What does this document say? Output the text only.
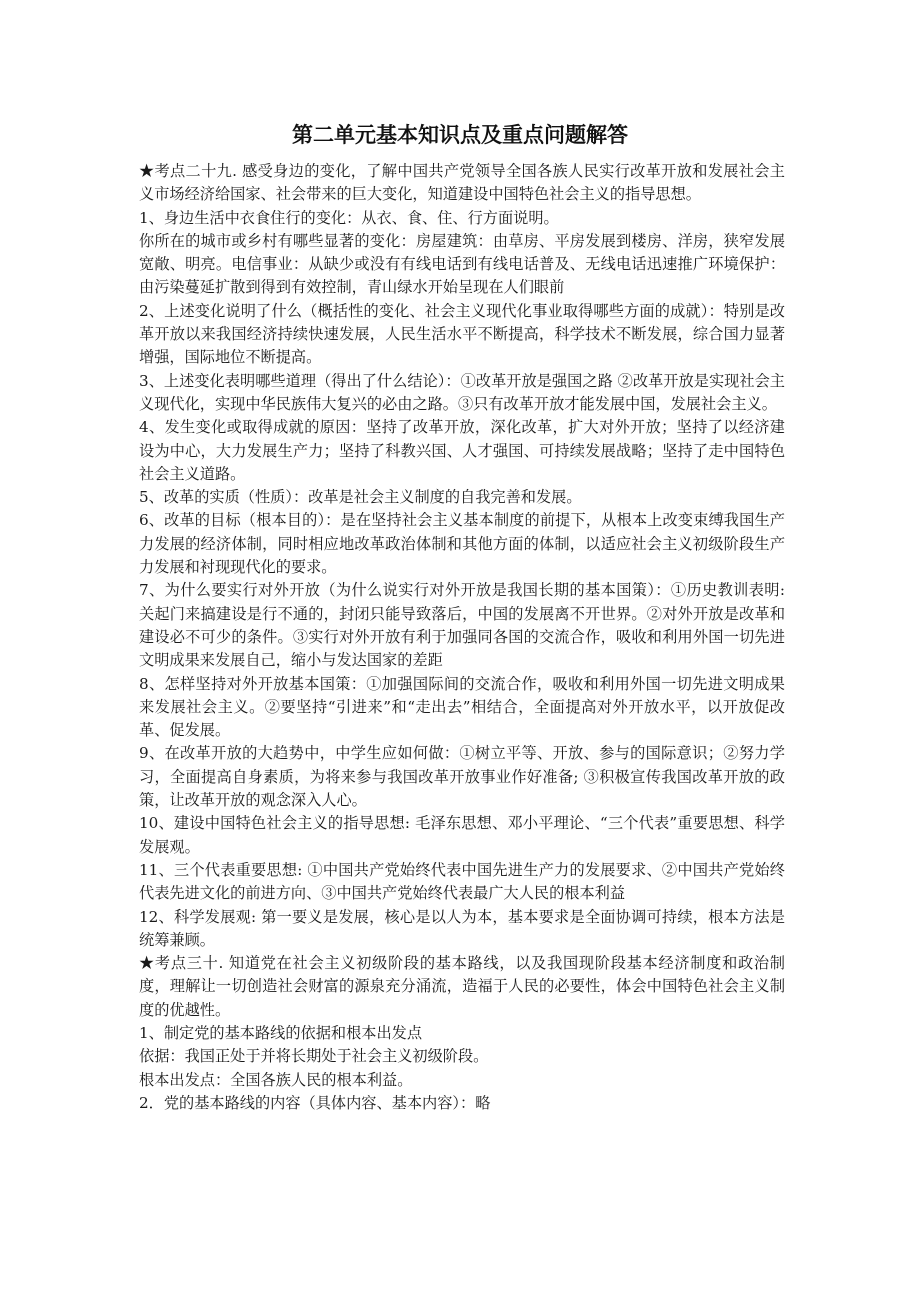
第二单元基本知识点及重点问题解答

★考点二十九. 感受身边的变化，了解中国共产党领导全国各族人民实行改革开放和发展社会主义市场经济给国家、社会带来的巨大变化，知道建设中国特色社会主义的指导思想。

1、身边生活中衣食住行的变化：从衣、食、住、行方面说明。

你所在的城市或乡村有哪些显著的变化：房屋建筑：由草房、平房发展到楼房、洋房，狭窄发展宽敞、明亮。电信事业：从缺少或没有有线电话到有线电话普及、无线电话迅速推广环境保护：由污染蔓延扩散到得到有效控制，青山绿水开始呈现在人们眼前

2、上述变化说明了什么（概括性的变化、社会主义现代化事业取得哪些方面的成就）：特别是改革开放以来我国经济持续快速发展，人民生活水平不断提高，科学技术不断发展，综合国力显著增强，国际地位不断提高。

3、上述变化表明哪些道理（得出了什么结论）：①改革开放是强国之路 ②改革开放是实现社会主义现代化，实现中华民族伟大复兴的必由之路。③只有改革开放才能发展中国，发展社会主义。

4、发生变化或取得成就的原因：坚持了改革开放，深化改革，扩大对外开放；坚持了以经济建设为中心，大力发展生产力；坚持了科教兴国、人才强国、可持续发展战略；坚持了走中国特色社会主义道路。

5、改革的实质（性质）：改革是社会主义制度的自我完善和发展。

6、改革的目标（根本目的）：是在坚持社会主义基本制度的前提下，从根本上改变束缚我国生产力发展的经济体制，同时相应地改革政治体制和其他方面的体制，以适应社会主义初级阶段生产力发展和衬现现代化的要求。

7、为什么要实行对外开放（为什么说实行对外开放是我国长期的基本国策）：①历史教训表明: 关起门来搞建设是行不通的，封闭只能导致落后，中国的发展离不开世界。②对外开放是改革和建设必不可少的条件。③实行对外开放有利于加强同各国的交流合作，吸收和利用外国一切先进文明成果来发展自己，缩小与发达国家的差距

8、怎样坚持对外开放基本国策：①加强国际间的交流合作，吸收和利用外国一切先进文明成果来发展社会主义。②要坚持“引进来”和“走出去”相结合，全面提高对外开放水平，以开放促改革、促发展。

9、在改革开放的大趋势中，中学生应如何做：①树立平等、开放、参与的国际意识；②努力学习，全面提高自身素质，为将来参与我国改革开放事业作好准备; ③积极宣传我国改革开放的政策，让改革开放的观念深入人心。

10、建设中国特色社会主义的指导思想: 毛泽东思想、邓小平理论、“三个代表”重要思想、科学发展观。

11、三个代表重要思想: ①中国共产党始终代表中国先进生产力的发展要求、②中国共产党始终代表先进文化的前进方向、③中国共产党始终代表最广大人民的根本利益

12、科学发展观: 第一要义是发展，核心是以人为本，基本要求是全面协调可持续，根本方法是统筹兼顾。

★考点三十. 知道党在社会主义初级阶段的基本路线，以及我国现阶段基本经济制度和政治制度，理解让一切创造社会财富的源泉充分涌流，造福于人民的必要性，体会中国特色社会主义制度的优越性。

1、制定党的基本路线的依据和根本出发点

依据：我国正处于并将长期处于社会主义初级阶段。

根本出发点：全国各族人民的根本利益。

2．党的基本路线的内容（具体内容、基本内容）：略
